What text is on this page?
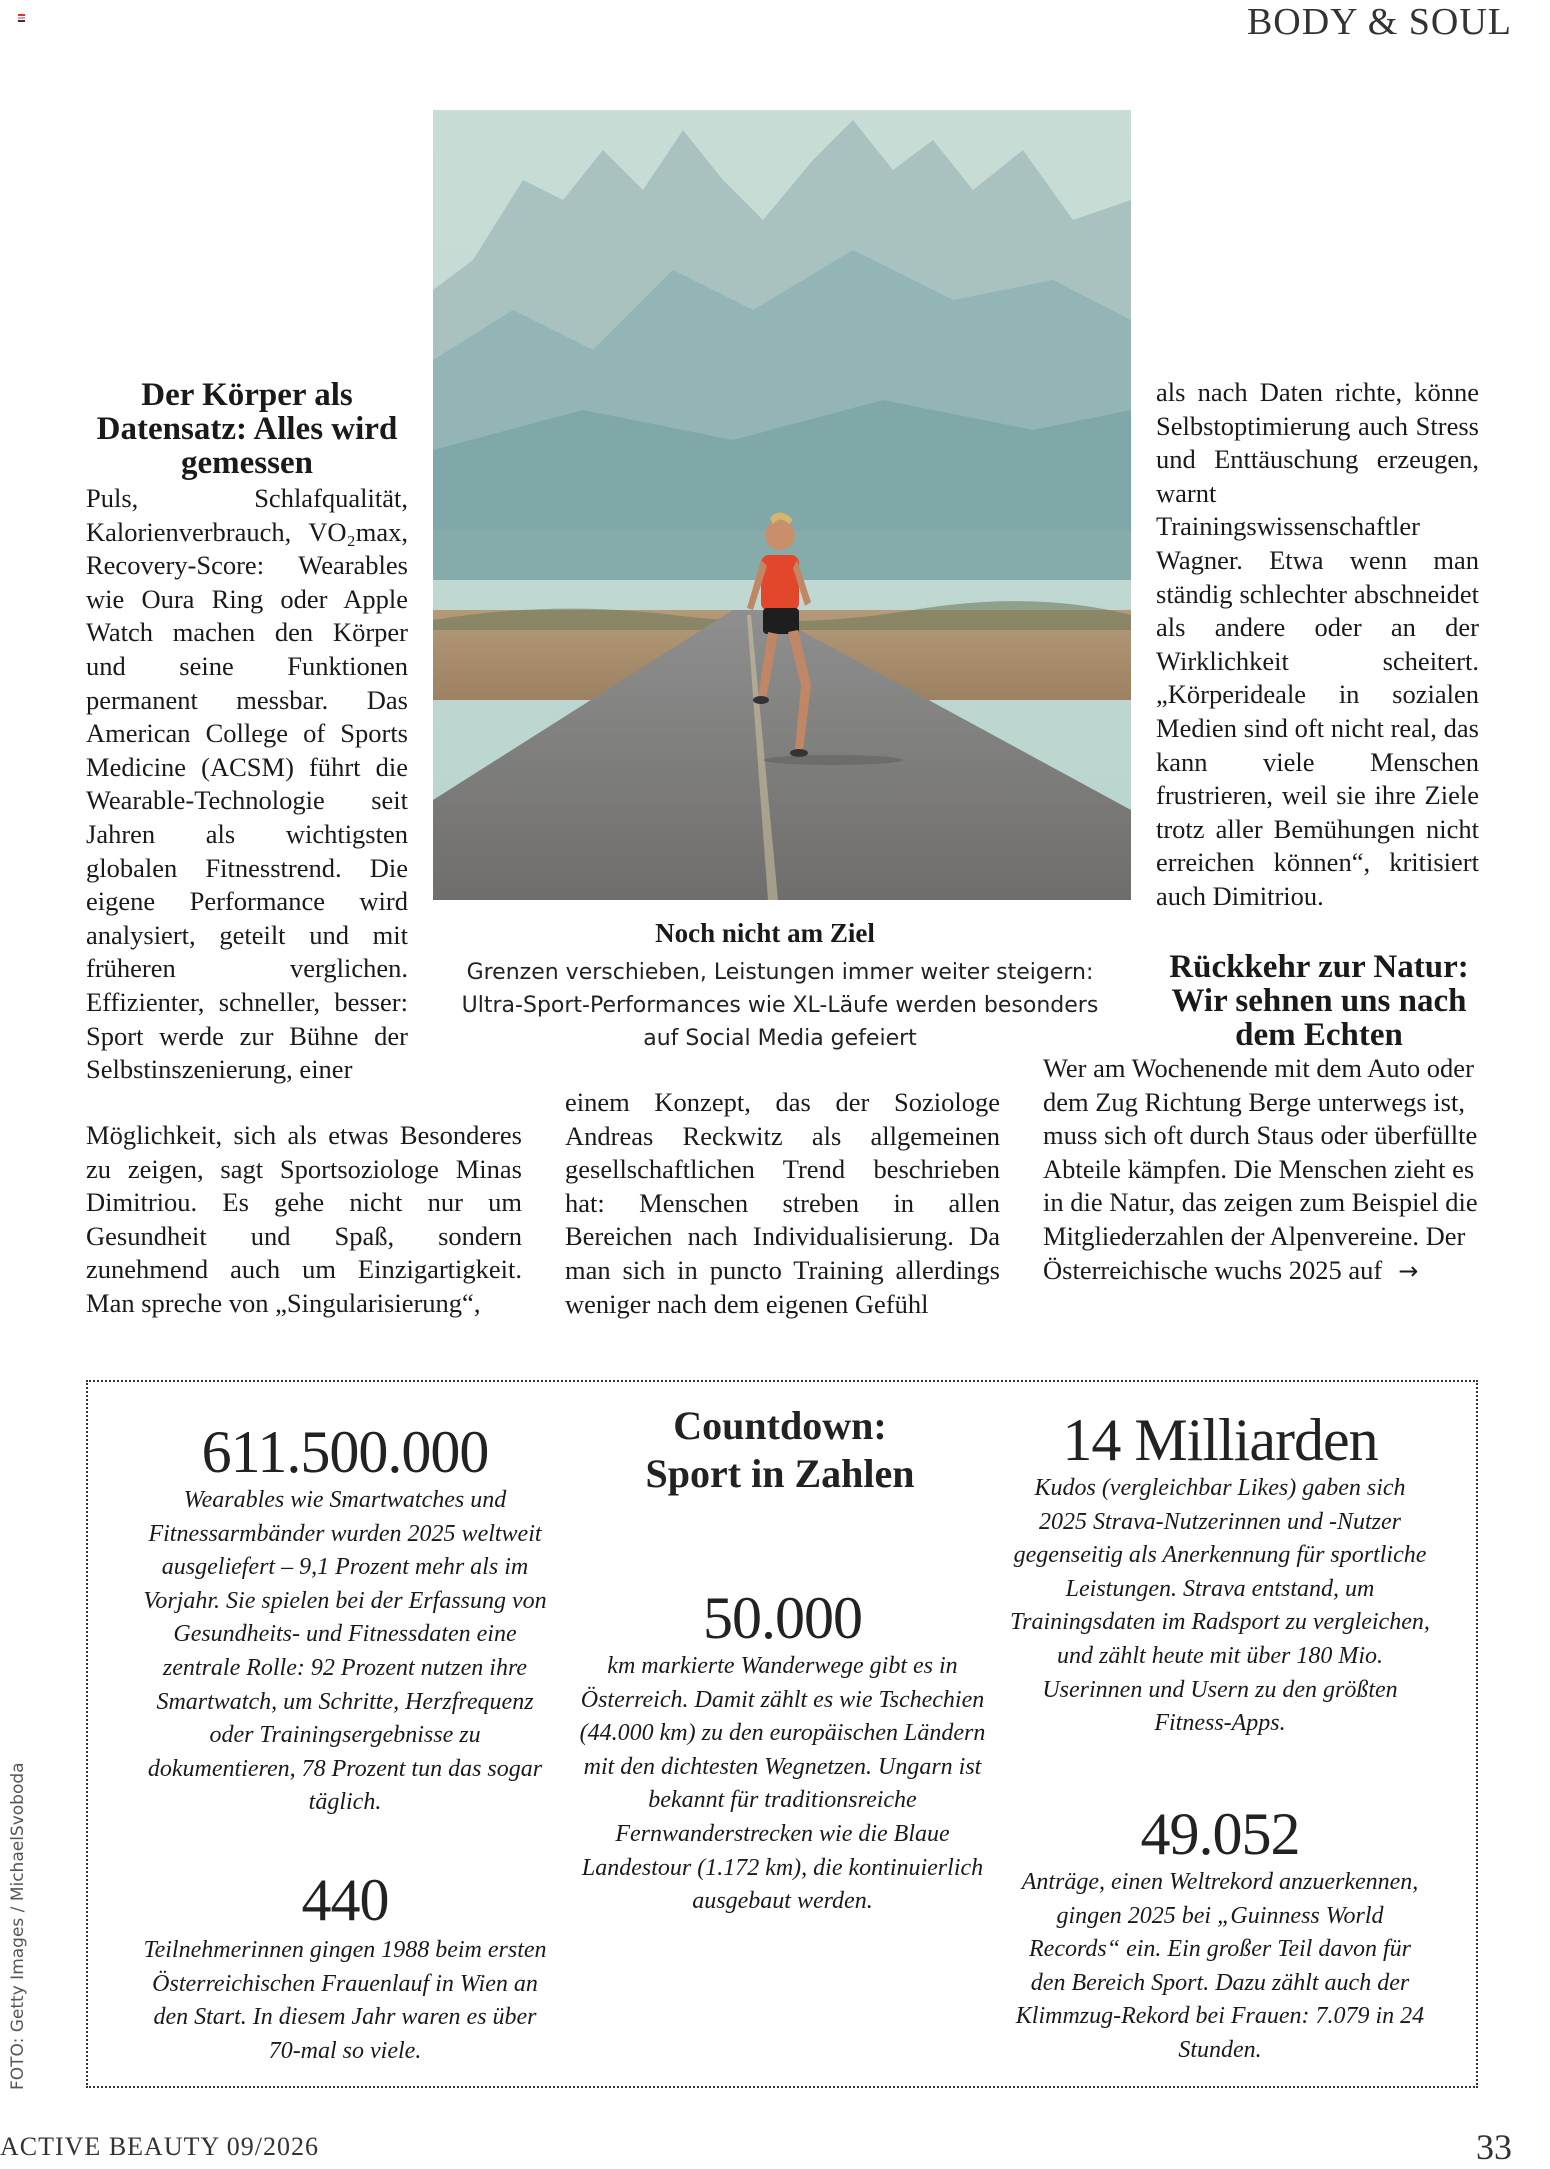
BODY & SOUL
Der Körper als Datensatz: Alles wird gemessen

Puls, Schlafqualität, Kalorienverbrauch, VO₂max, Recovery-Score: Wearables wie Oura Ring oder Apple Watch machen den Körper und seine Funktionen permanent messbar. Das American College of Sports Medicine (ACSM) führt die Wearable-Technologie seit Jahren als wichtigsten globalen Fitnesstrend. Die eigene Performance wird analysiert, geteilt und mit früheren verglichen. Effizienter, schneller, besser: Sport werde zur Bühne der Selbstinszenierung, einer

Möglichkeit, sich als etwas Besonderes zu zeigen, sagt Sportsoziologe Minas Dimitriou. Es gehe nicht nur um Gesundheit und Spaß, sondern zunehmend auch um Einzigartigkeit. Man spreche von „Singularisierung“,

Noch nicht am Ziel
Grenzen verschieben, Leistungen immer weiter steigern: Ultra-Sport-Performances wie XL-Läufe werden besonders auf Social Media gefeiert

einem Konzept, das der Soziologe Andreas Reckwitz als allgemeinen gesellschaftlichen Trend beschrieben hat: Menschen streben in allen Bereichen nach Individualisierung. Da man sich in puncto Training allerdings weniger nach dem eigenen Gefühl

als nach Daten richte, könne Selbstoptimierung auch Stress und Enttäuschung erzeugen, warnt Trainingswissenschaftler Wagner. Etwa wenn man ständig schlechter abschneidet als andere oder an der Wirklichkeit scheitert. „Körperideale in sozialen Medien sind oft nicht real, das kann viele Menschen frustrieren, weil sie ihre Ziele trotz aller Bemühungen nicht erreichen können“, kritisiert auch Dimitriou.

Rückkehr zur Natur: Wir sehnen uns nach dem Echten

Wer am Wochenende mit dem Auto oder dem Zug Richtung Berge unterwegs ist, muss sich oft durch Staus oder überfüllte Abteile kämpfen. Die Menschen zieht es in die Natur, das zeigen zum Beispiel die Mitgliederzahlen der Alpenvereine. Der Österreichische wuchs 2025 auf →
Countdown: Sport in Zahlen
611.500.000
Wearables wie Smartwatches und Fitnessarmbänder wurden 2025 weltweit ausgeliefert – 9,1 Prozent mehr als im Vorjahr. Sie spielen bei der Erfassung von Gesundheits- und Fitnessdaten eine zentrale Rolle: 92 Prozent nutzen ihre Smartwatch, um Schritte, Herzfrequenz oder Trainingsergebnisse zu dokumentieren, 78 Prozent tun das sogar täglich.
440
Teilnehmerinnen gingen 1988 beim ersten Österreichischen Frauenlauf in Wien an den Start. In diesem Jahr waren es über 70-mal so viele.
50.000
km markierte Wanderwege gibt es in Österreich. Damit zählt es wie Tschechien (44.000 km) zu den europäischen Ländern mit den dichtesten Wegnetzen. Ungarn ist bekannt für traditionsreiche Fernwanderstrecken wie die Blaue Landestour (1.172 km), die kontinuierlich ausgebaut werden.
14 Milliarden
Kudos (vergleichbar Likes) gaben sich 2025 Strava-Nutzerinnen und -Nutzer gegenseitig als Anerkennung für sportliche Leistungen. Strava entstand, um Trainingsdaten im Radsport zu vergleichen, und zählt heute mit über 180 Mio. Userinnen und Usern zu den größten Fitness-Apps.
49.052
Anträge, einen Weltrekord anzuerkennen, gingen 2025 bei „Guinness World Records“ ein. Ein großer Teil davon für den Bereich Sport. Dazu zählt auch der Klimmzug-Rekord bei Frauen: 7.079 in 24 Stunden.
FOTO: Getty Images / MichaelSvoboda
ACTIVE BEAUTY 09/2026	33
